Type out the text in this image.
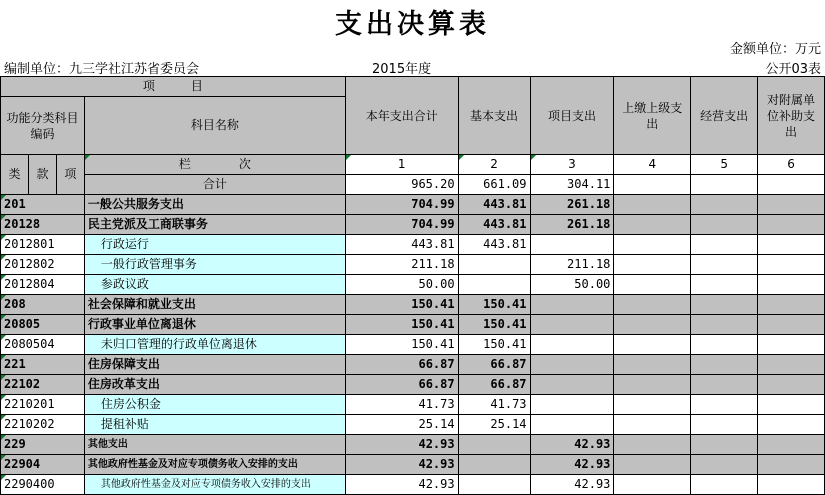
支出决算表
金额单位：万元
编制单位：九三学社江苏省委员会	2015年度	公开03表
项　　　目				本年支出合计	基本支出	项目支出	上缴上级支出	经营支出	对附属单位补助支出
功能分类科目编码			科目名称						

类	款	项	栏　　　　次	1	2	3	4	5	6
			合计	965.20	661.09	304.11			
201			一般公共服务支出	704.99	443.81	261.18			
20128			民主党派及工商联事务	704.99	443.81	261.18			
2012801			行政运行	443.81	443.81				
2012802			一般行政管理事务	211.18		211.18			
2012804			参政议政	50.00		50.00			
208			社会保障和就业支出	150.41	150.41				
20805			行政事业单位离退休	150.41	150.41				
2080504			未归口管理的行政单位离退休	150.41	150.41				
221			住房保障支出	66.87	66.87				
22102			住房改革支出	66.87	66.87				
2210201			住房公积金	41.73	41.73				
2210202			提租补贴	25.14	25.14				
229			其他支出	42.93		42.93			
22904			其他政府性基金及对应专项债务收入安排的支出	42.93		42.93			
2290400			其他政府性基金及对应专项债务收入安排的支出	42.93		42.93			
